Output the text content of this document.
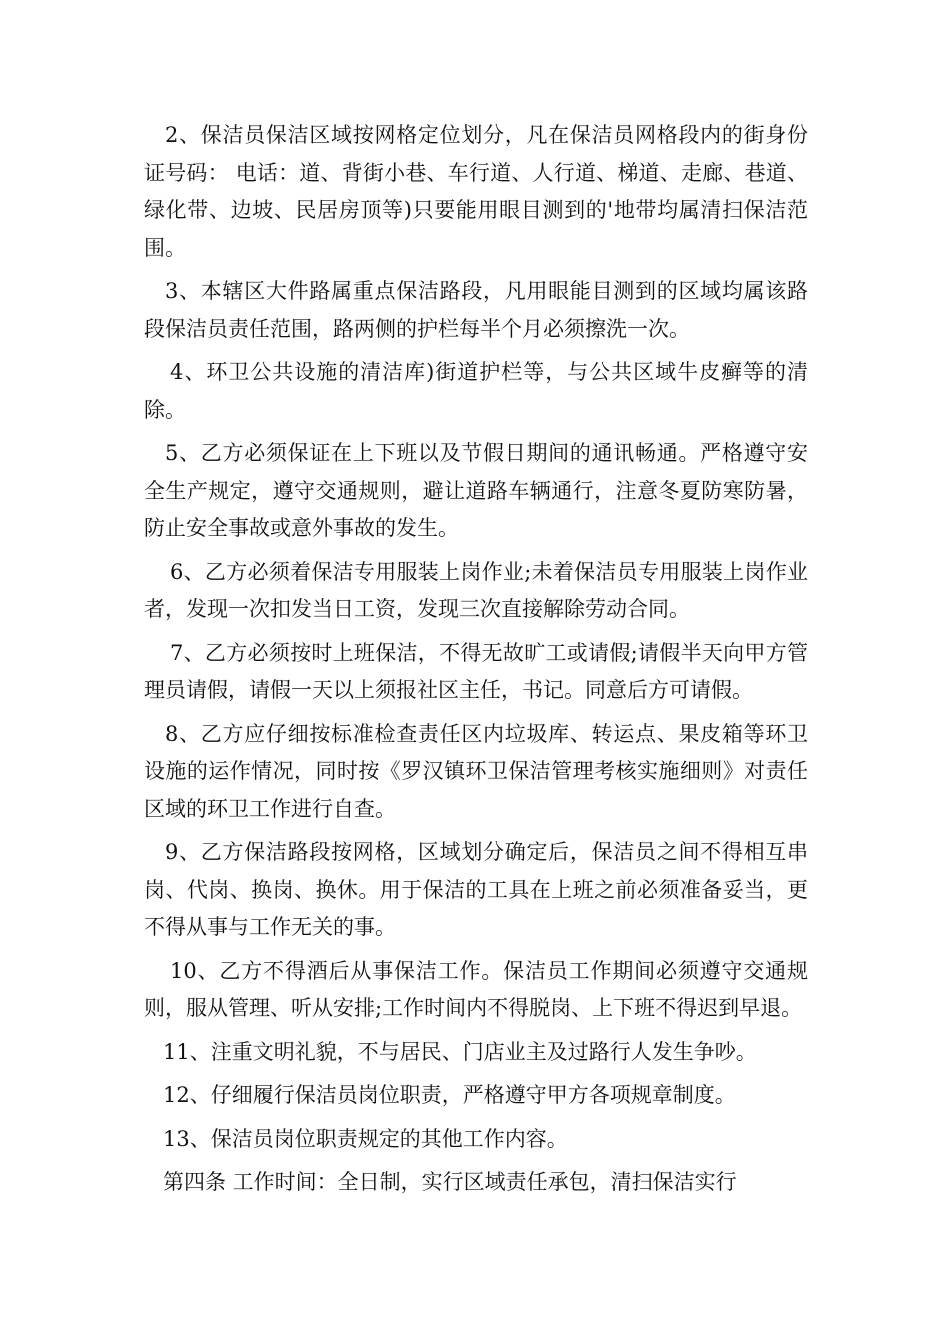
2、保洁员保洁区域按网格定位划分，凡在保洁员网格段内的街身份证号码： 电话：道、背街小巷、车行道、人行道、梯道、走廊、巷道、绿化带、边坡、民居房顶等)只要能用眼目测到的'地带均属清扫保洁范围。

3、本辖区大件路属重点保洁路段，凡用眼能目测到的区域均属该路段保洁员责任范围，路两侧的护栏每半个月必须擦洗一次。

4、环卫公共设施的清洁库)街道护栏等，与公共区域牛皮癣等的清除。

5、乙方必须保证在上下班以及节假日期间的通讯畅通。严格遵守安全生产规定，遵守交通规则，避让道路车辆通行，注意冬夏防寒防暑，防止安全事故或意外事故的发生。

6、乙方必须着保洁专用服装上岗作业;未着保洁员专用服装上岗作业者，发现一次扣发当日工资，发现三次直接解除劳动合同。

7、乙方必须按时上班保洁，不得无故旷工或请假;请假半天向甲方管理员请假，请假一天以上须报社区主任，书记。同意后方可请假。

8、乙方应仔细按标准检查责任区内垃圾库、转运点、果皮箱等环卫设施的运作情况，同时按《罗汉镇环卫保洁管理考核实施细则》对责任区域的环卫工作进行自查。

9、乙方保洁路段按网格，区域划分确定后，保洁员之间不得相互串岗、代岗、换岗、换休。用于保洁的工具在上班之前必须准备妥当，更不得从事与工作无关的事。

10、乙方不得酒后从事保洁工作。保洁员工作期间必须遵守交通规则，服从管理、听从安排;工作时间内不得脱岗、上下班不得迟到早退。

11、注重文明礼貌，不与居民、门店业主及过路行人发生争吵。

12、仔细履行保洁员岗位职责，严格遵守甲方各项规章制度。

13、保洁员岗位职责规定的其他工作内容。

第四条 工作时间：全日制，实行区域责任承包，清扫保洁实行
